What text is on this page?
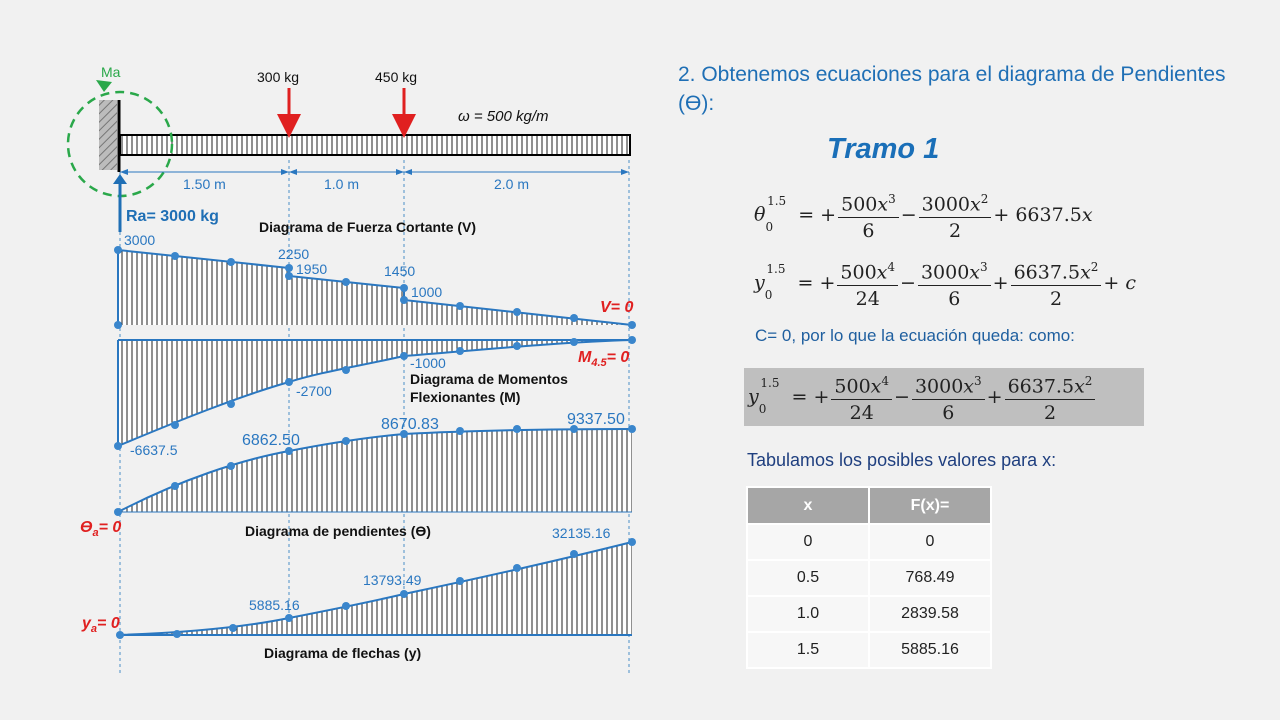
Ma	300 kg	450 kg
ω = 500 kg/m
1.50 m	1.0 m	2.0 m
Ra= 3000 kg
Diagrama de Fuerza Cortante (V)
3000
2250
1950	1450
1000
V= 0
-6637.5
-2700
-1000	$M_{4.5}= 0$
Diagrama de Momentos
Flexionantes (M)
6862.50
8670.83	9337.50
$ϴ_a= 0$	Diagrama de pendientes (ϴ)
5885.16
13793.49
32135.16
$y_a= 0$
Diagrama de flechas (y)
2. Obtenemos ecuaciones para el diagrama de Pendientes (ϴ):
Tramo 1
$\theta_0^{1.5}$
= + $\frac{500x^3}{6} - \frac{3000x^2}{2} + 6637.5x$
$y_0^{1.5}$
= + $\frac{500x^4}{24} - \frac{3000x^3}{6} + \frac{6637.5x^2}{2} + c$
C= 0, por lo que la ecuación queda: como:
$y_0^{1.5}$
= + $\frac{500x^4}{24} - \frac{3000x^3}{6} + \frac{6637.5x^2}{2}$
Tabulamos los posibles valores para x:
x	F(x)=
0	0
0.5	768.49
1.0	2839.58
1.5	5885.16
